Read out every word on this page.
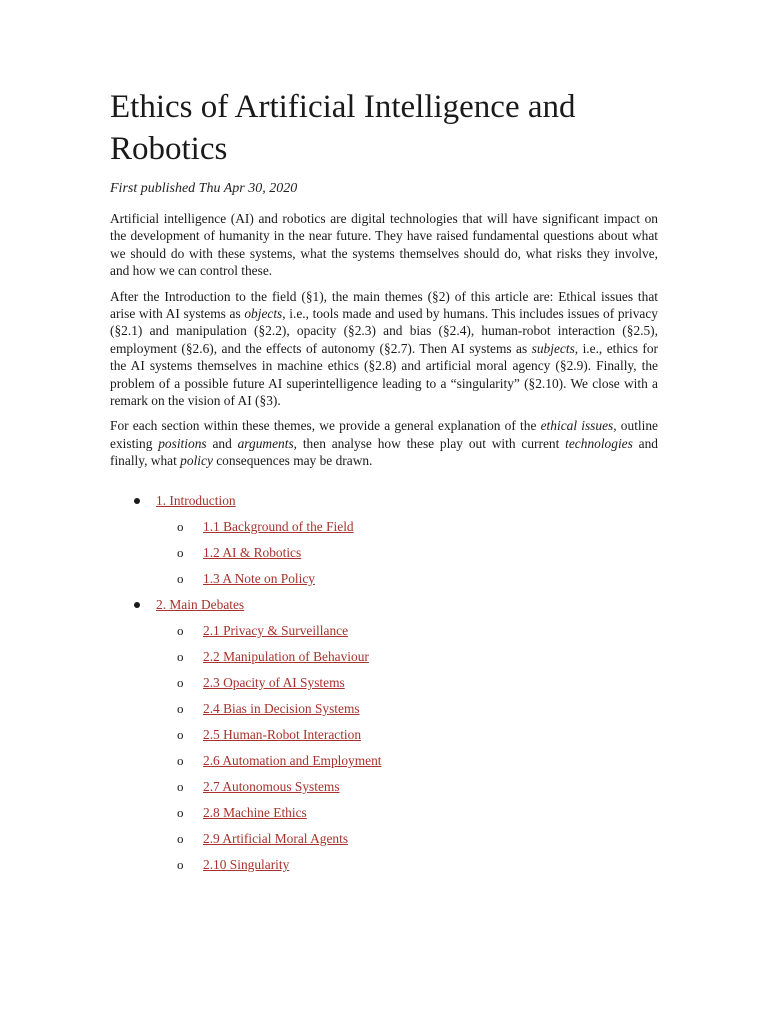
Ethics of Artificial Intelligence and Robotics
First published Thu Apr 30, 2020

Artificial intelligence (AI) and robotics are digital technologies that will have significant impact on the development of humanity in the near future. They have raised fundamental questions about what we should do with these systems, what the systems themselves should do, what risks they involve, and how we can control these.

After the Introduction to the field (§1), the main themes (§2) of this article are: Ethical issues that arise with AI systems as objects, i.e., tools made and used by humans. This includes issues of privacy (§2.1) and manipulation (§2.2), opacity (§2.3) and bias (§2.4), human-robot interaction (§2.5), employment (§2.6), and the effects of autonomy (§2.7). Then AI systems as subjects, i.e., ethics for the AI systems themselves in machine ethics (§2.8) and artificial moral agency (§2.9). Finally, the problem of a possible future AI superintelligence leading to a “singularity” (§2.10). We close with a remark on the vision of AI (§3).

For each section within these themes, we provide a general explanation of the ethical issues, outline existing positions and arguments, then analyse how these play out with current technologies and finally, what policy consequences may be drawn.

1. Introduction
o 1.1 Background of the Field
o 1.2 AI & Robotics
o 1.3 A Note on Policy
2. Main Debates
o 2.1 Privacy & Surveillance
o 2.2 Manipulation of Behaviour
o 2.3 Opacity of AI Systems
o 2.4 Bias in Decision Systems
o 2.5 Human-Robot Interaction
o 2.6 Automation and Employment
o 2.7 Autonomous Systems
o 2.8 Machine Ethics
o 2.9 Artificial Moral Agents
o 2.10 Singularity
